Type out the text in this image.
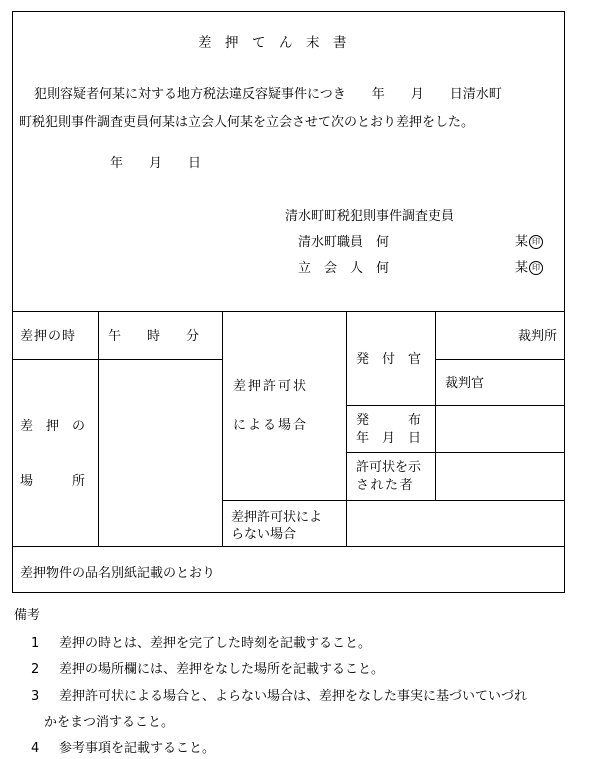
差　押　て　ん　末　書
犯則容疑者何某に対する地方税法違反容疑事件につき　　年　　月　　日清水町
町税犯則事件調査吏員何某は立会人何某を立会させて次のとおり差押をした。
年　　月　　日
清水町町税犯則事件調査吏員
清水町職員　何	某 印
立　会　人　何	某 印
差押の時 午　　時　　分
差　押　の
場　　　所
差押許可状
による場合
発　付　官
裁判所
裁判官
発　　　布
年　月　日
許可状を示
された者
差押許可状によ
らない場合
差押物件の品名別紙記載のとおり
備考
1 差押の時とは、差押を完了した時刻を記載すること。
2 差押の場所欄には、差押をなした場所を記載すること。
3 差押許可状による場合と、よらない場合は、差押をなした事実に基づいていづれ
かをまつ消すること。
4 参考事項を記載すること。
